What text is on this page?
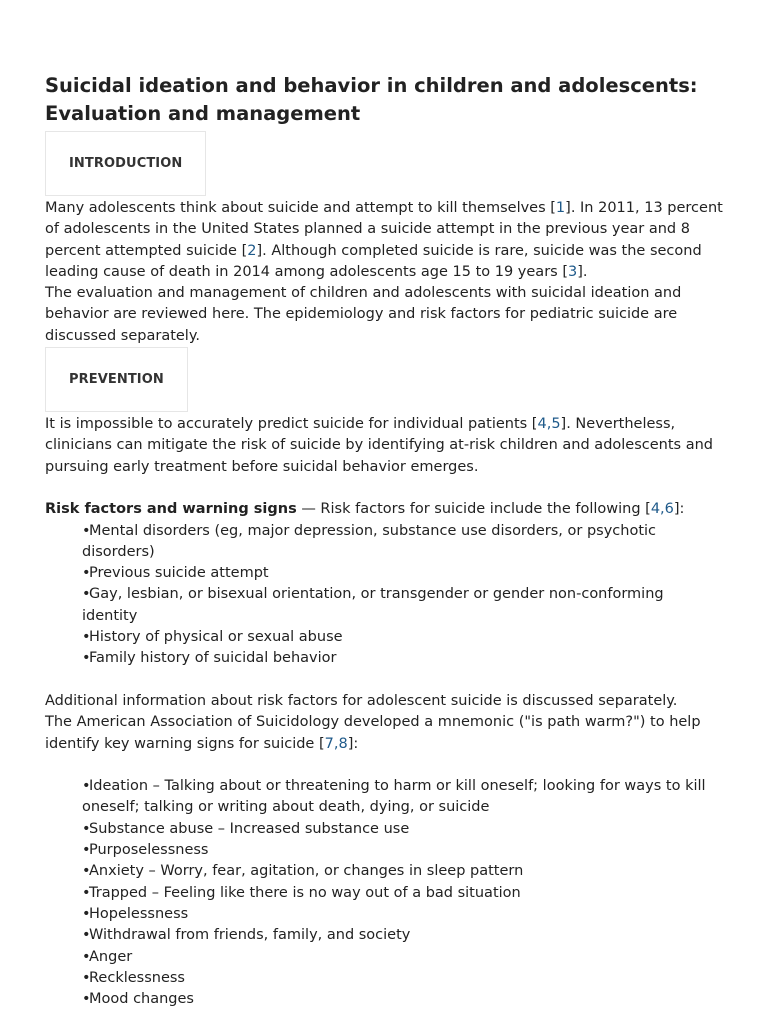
Suicidal ideation and behavior in children and adolescents:
Evaluation and management
INTRODUCTION

Many adolescents think about suicide and attempt to kill themselves [1]. In 2011, 13 percent of adolescents in the United States planned a suicide attempt in the previous year and 8 percent attempted suicide [2]. Although completed suicide is rare, suicide was the second leading cause of death in 2014 among adolescents age 15 to 19 years [3].

The evaluation and management of children and adolescents with suicidal ideation and behavior are reviewed here. The epidemiology and risk factors for pediatric suicide are discussed separately.

PREVENTION

It is impossible to accurately predict suicide for individual patients [4,5]. Nevertheless, clinicians can mitigate the risk of suicide by identifying at-risk children and adolescents and pursuing early treatment before suicidal behavior emerges.

Risk factors and warning signs — Risk factors for suicide include the following [4,6]:

•Mental disorders (eg, major depression, substance use disorders, or psychotic disorders)
•Previous suicide attempt
•Gay, lesbian, or bisexual orientation, or transgender or gender non-conforming identity
•History of physical or sexual abuse
•Family history of suicidal behavior

Additional information about risk factors for adolescent suicide is discussed separately.

The American Association of Suicidology developed a mnemonic ("is path warm?") to help identify key warning signs for suicide [7,8]:

•Ideation – Talking about or threatening to harm or kill oneself; looking for ways to kill oneself; talking or writing about death, dying, or suicide
•Substance abuse – Increased substance use
•Purposelessness
•Anxiety – Worry, fear, agitation, or changes in sleep pattern
•Trapped – Feeling like there is no way out of a bad situation
•Hopelessness
•Withdrawal from friends, family, and society
•Anger
•Recklessness
•Mood changes
